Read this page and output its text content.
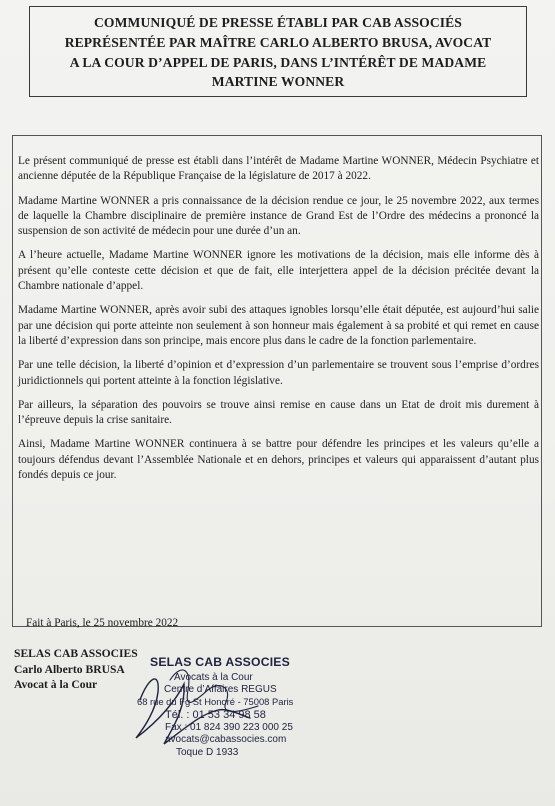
COMMUNIQUÉ DE PRESSE ÉTABLI PAR CAB ASSOCIÉS
REPRÉSENTÉE PAR MAÎTRE CARLO ALBERTO BRUSA, AVOCAT
A LA COUR D’APPEL DE PARIS, DANS L’INTÉRÊT DE MADAME
MARTINE WONNER

Le présent communiqué de presse est établi dans l’intérêt de Madame Martine WONNER, Médecin Psychiatre et ancienne députée de la République Française de la législature de 2017 à 2022.

Madame Martine WONNER a pris connaissance de la décision rendue ce jour, le 25 novembre 2022, aux termes de laquelle la Chambre disciplinaire de première instance de Grand Est de l’Ordre des médecins a prononcé la suspension de son activité de médecin pour une durée d’un an.

A l’heure actuelle, Madame Martine WONNER ignore les motivations de la décision, mais elle informe dès à présent qu’elle conteste cette décision et que de fait, elle interjettera appel de la décision précitée devant la Chambre nationale d’appel.

Madame Martine WONNER, après avoir subi des attaques ignobles lorsqu’elle était députée, est aujourd’hui salie par une décision qui porte atteinte non seulement à son honneur mais également à sa probité et qui remet en cause la liberté d’expression dans son principe, mais encore plus dans le cadre de la fonction parlementaire.

Par une telle décision, la liberté d’opinion et d’expression d’un parlementaire se trouvent sous l’emprise d’ordres juridictionnels qui portent atteinte à la fonction législative.

Par ailleurs, la séparation des pouvoirs se trouve ainsi remise en cause dans un Etat de droit mis durement à l’épreuve depuis la crise sanitaire.

Ainsi, Madame Martine WONNER continuera à se battre pour défendre les principes et les valeurs qu’elle a toujours défendus devant l’Assemblée Nationale et en dehors, principes et valeurs qui apparaissent d’autant plus fondés depuis ce jour.

Fait à Paris, le 25 novembre 2022
SELAS CAB ASSOCIES
Carlo Alberto BRUSA
Avocat à la Cour
SELAS CAB ASSOCIES
Avocats à la Cour
Centre d’Affaires REGUS
68 rue du Fg St Honoré - 75008 Paris
Tél. : 01 53 34 98 58
Fax : 01 824 390 223 000 25
avocats@cabassocies.com
Toque D 1933
